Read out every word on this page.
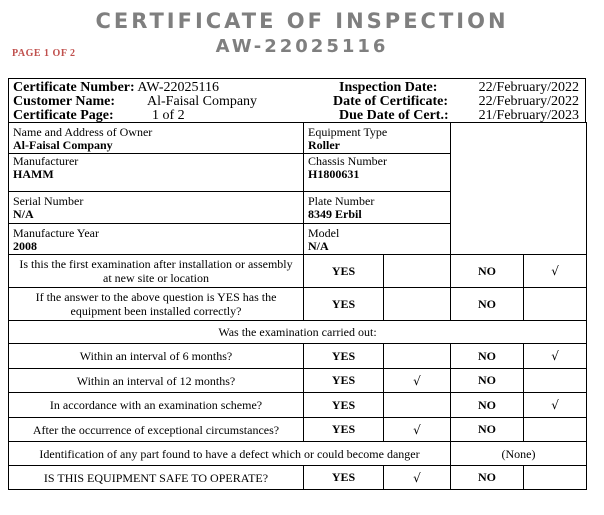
CERTIFICATE OF INSPECTION
AW-22025116
PAGE 1 OF 2
Certificate Number: AW-22025116	Inspection Date:	22/February/2022
Customer Name: Al-Faisal Company	Date of Certificate: 22/February/2022
Certificate Page:	1 of 2	Due Date of Cert.: 21/February/2023
Name and Address of Owner
Al-Faisal Company	Equipment Type
Roller			

Manufacturer
HAMM	Chassis Number
H1800631			

Serial Number
N/A	Plate Number
8349 Erbil			

Manufacture Year
2008	Model
N/A			

Is this the first examination after installation or assembly at new site or location	YES		NO	√
If the answer to the above question is YES has the equipment been installed correctly?	YES		NO	
Was the examination carried out:				
Within an interval of 6 months?	YES		NO	√
Within an interval of 12 months?	YES	√	NO	
In accordance with an examination scheme?	YES		NO	√
After the occurrence of exceptional circumstances?	YES	√	NO	
Identification of any part found to have a defect which or could become danger			(None)	
IS THIS EQUIPMENT SAFE TO OPERATE?	YES	√	NO	
